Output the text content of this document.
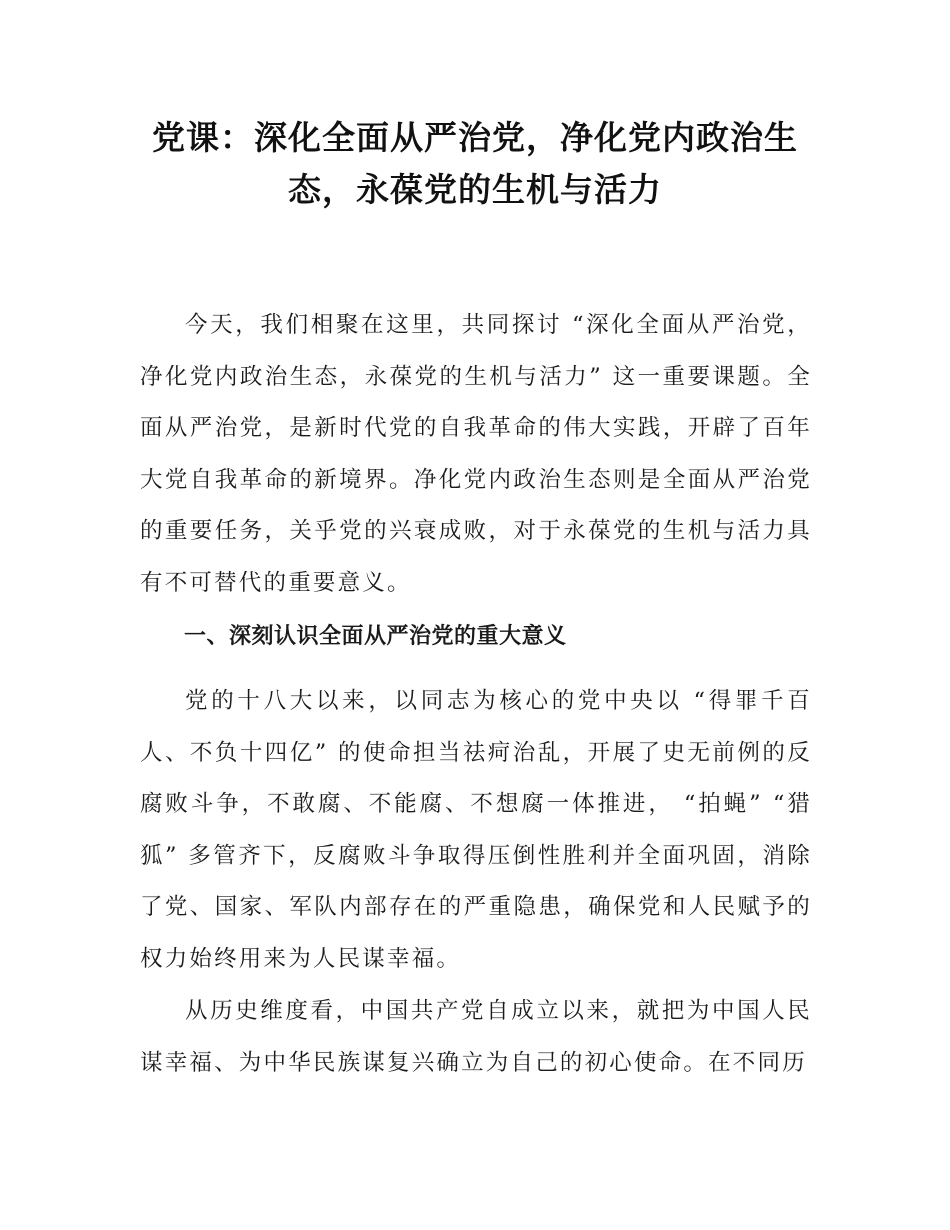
党课：深化全面从严治党，净化党内政治生态，永葆党的生机与活力

今天，我们相聚在这里，共同探讨 “深化全面从严治党，净化党内政治生态，永葆党的生机与活力” 这一重要课题。全面从严治党，是新时代党的自我革命的伟大实践，开辟了百年大党自我革命的新境界。净化党内政治生态则是全面从严治党的重要任务，关乎党的兴衰成败，对于永葆党的生机与活力具有不可替代的重要意义。

一、深刻认识全面从严治党的重大意义

党的十八大以来，以同志为核心的党中央以 “得罪千百人、不负十四亿” 的使命担当祛疴治乱，开展了史无前例的反腐败斗争，不敢腐、不能腐、不想腐一体推进， “拍蝇” “猎狐” 多管齐下，反腐败斗争取得压倒性胜利并全面巩固，消除了党、国家、军队内部存在的严重隐患，确保党和人民赋予的权力始终用来为人民谋幸福。

从历史维度看，中国共产党自成立以来，就把为中国人民谋幸福、为中华民族谋复兴确立为自己的初心使命。在不同历
